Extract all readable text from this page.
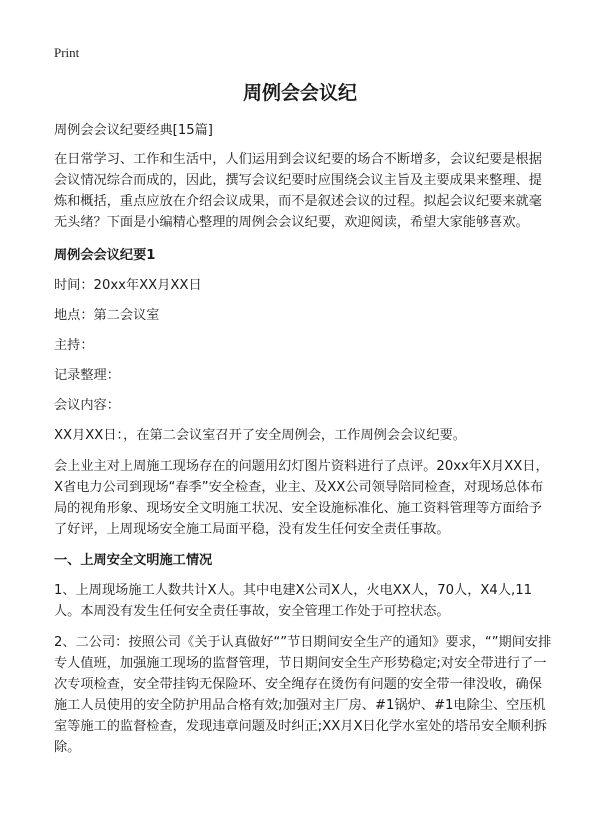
Print
周例会会议纪

周例会会议纪要经典[15篇]

在日常学习、工作和生活中，人们运用到会议纪要的场合不断增多，会议纪要是根据会议情况综合而成的，因此，撰写会议纪要时应围绕会议主旨及主要成果来整理、提炼和概括，重点应放在介绍会议成果，而不是叙述会议的过程。拟起会议纪要来就毫无头绪？下面是小编精心整理的周例会会议纪要，欢迎阅读，希望大家能够喜欢。

周例会会议纪要1

时间：20xx年XX月XX日

地点：第二会议室

主持：

记录整理：

会议内容：

XX月XX日：，在第二会议室召开了安全周例会，工作周例会会议纪要。

会上业主对上周施工现场存在的问题用幻灯图片资料进行了点评。20xx年X月XX日，X省电力公司到现场“春季”安全检查，业主、及XX公司领导陪同检查，对现场总体布局的视角形象、现场安全文明施工状况、安全设施标准化、施工资料管理等方面给予了好评，上周现场安全施工局面平稳，没有发生任何安全责任事故。

一、上周安全文明施工情况

1、上周现场施工人数共计X人。其中电建X公司X人，火电XX人，70人，X4人,11人。本周没有发生任何安全责任事故，安全管理工作处于可控状态。

2、二公司：按照公司《关于认真做好“”节日期间安全生产的通知》要求，“”期间安排专人值班，加强施工现场的监督管理，节日期间安全生产形势稳定;对安全带进行了一次专项检查，安全带挂钩无保险环、安全绳存在烫伤有问题的安全带一律没收，确保施工人员使用的安全防护用品合格有效;加强对主厂房、#1锅炉、#1电除尘、空压机室等施工的监督检查，发现违章问题及时纠正;XX月X日化学水室处的塔吊安全顺利拆除。
